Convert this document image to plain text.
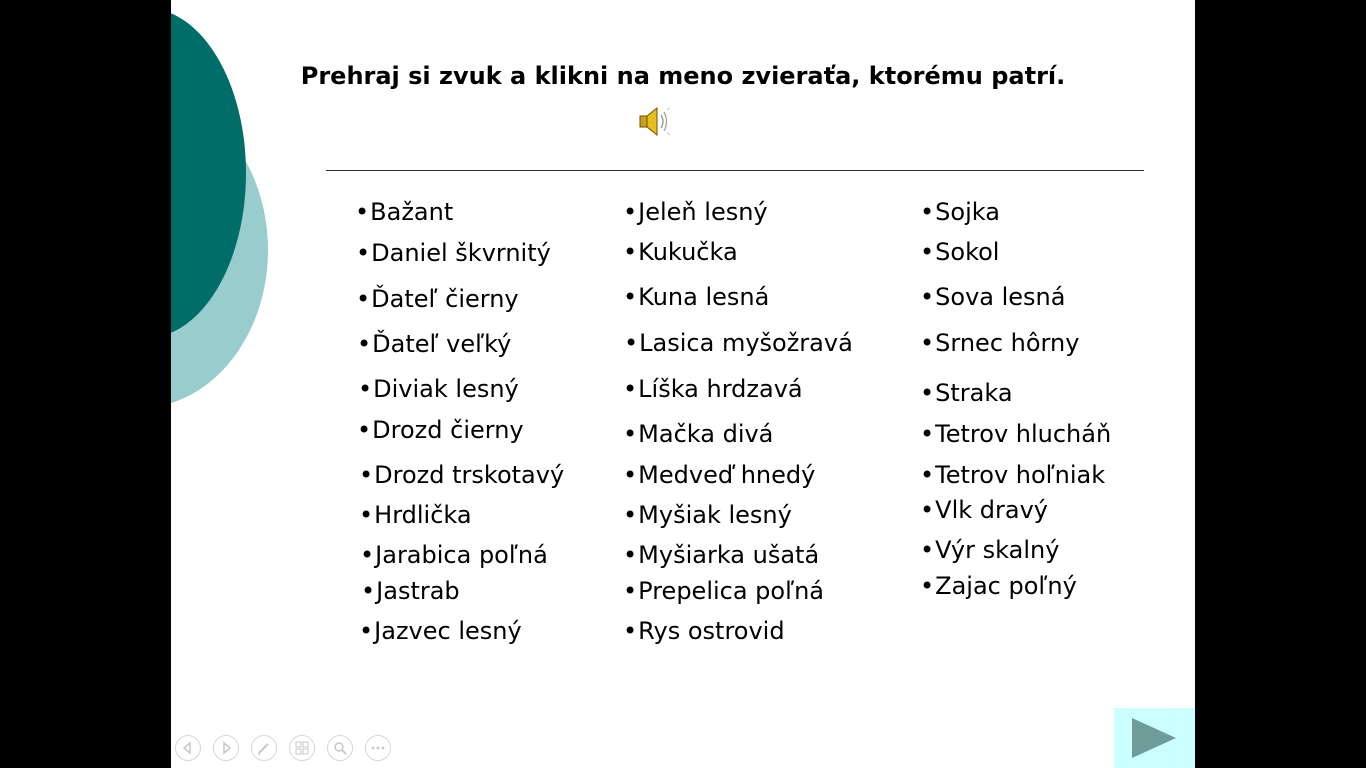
Prehraj si zvuk a klikni na meno zvieraťa, ktorému patrí.
• Bažant
• Daniel škvrnitý
• Ďateľ čierny
• Ďateľ veľký
• Diviak lesný
• Drozd čierny
• Drozd trskotavý
• Hrdlička
• Jarabica poľná
• Jastrab
• Jazvec lesný
• Jeleň lesný
• Kukučka
• Kuna lesná
• Lasica myšožravá
• Líška hrdzavá
• Mačka divá
• Medveď hnedý
• Myšiak lesný
• Myšiarka ušatá
• Prepelica poľná
• Rys ostrovid
• Sojka
• Sokol
• Sova lesná
• Srnec hôrny
• Straka
• Tetrov hlucháň
• Tetrov hoľniak
• Vlk dravý
• Výr skalný
• Zajac poľný
